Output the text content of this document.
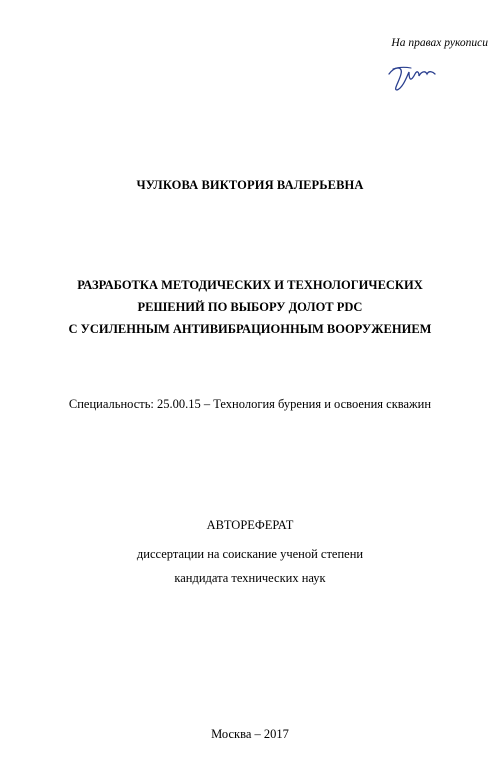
На правах рукописи
ЧУЛКОВА ВИКТОРИЯ ВАЛЕРЬЕВНА
РАЗРАБОТКА МЕТОДИЧЕСКИХ И ТЕХНОЛОГИЧЕСКИХ
РЕШЕНИЙ ПО ВЫБОРУ ДОЛОТ PDC
С УСИЛЕННЫМ АНТИВИБРАЦИОННЫМ ВООРУЖЕНИЕМ
Специальность: 25.00.15 – Технология бурения и освоения скважин
АВТОРЕФЕРАТ
диссертации на соискание ученой степени
кандидата технических наук
Москва – 2017
